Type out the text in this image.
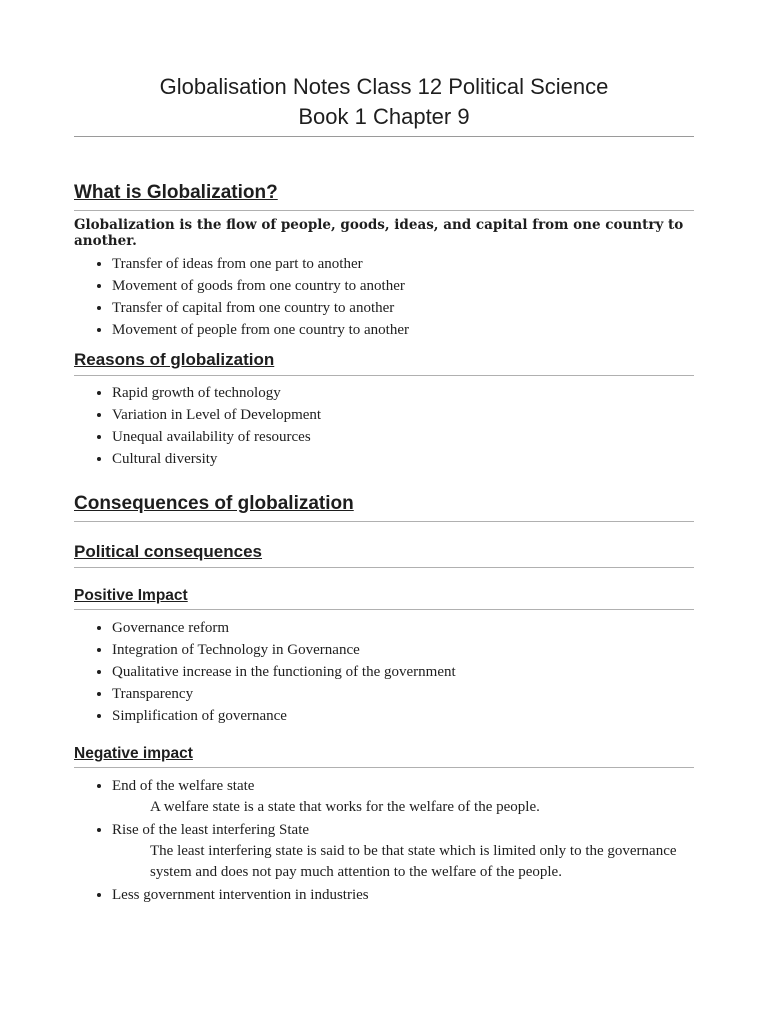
Globalisation Notes Class 12 Political Science
Book 1 Chapter 9
What is Globalization?

Globalization is the flow of people, goods, ideas, and capital from one country to another.

• Transfer of ideas from one part to another
• Movement of goods from one country to another
• Transfer of capital from one country to another
• Movement of people from one country to another
Reasons of globalization
• Rapid growth of technology
• Variation in Level of Development
• Unequal availability of resources
• Cultural diversity
Consequences of globalization
Political consequences
Positive Impact
• Governance reform
• Integration of Technology in Governance
• Qualitative increase in the functioning of the government
• Transparency
• Simplification of governance
Negative impact
• End of the welfare state
A welfare state is a state that works for the welfare of the people.
• Rise of the least interfering State
The least interfering state is said to be that state which is limited only to the governance system and does not pay much attention to the welfare of the people.
• Less government intervention in industries
